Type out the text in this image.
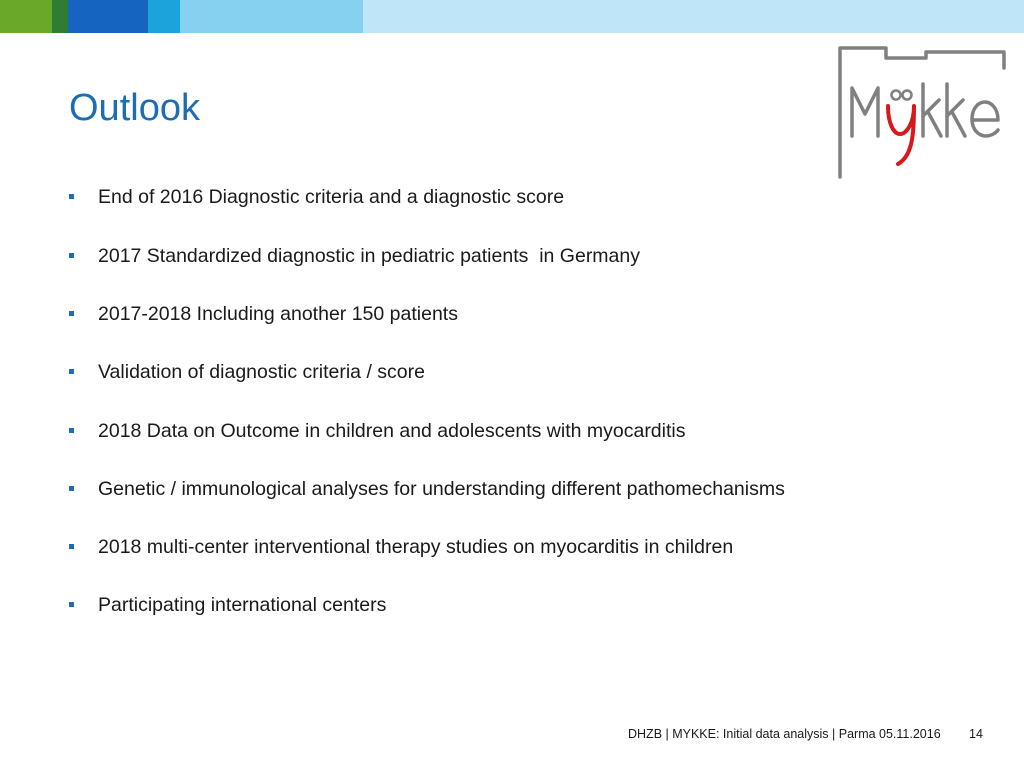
Outlook
End of 2016 Diagnostic criteria and a diagnostic score
2017 Standardized diagnostic in pediatric patients  in Germany
2017-2018 Including another 150 patients
Validation of diagnostic criteria / score
2018 Data on Outcome in children and adolescents with myocarditis
Genetic / immunological analyses for understanding different pathomechanisms
2018 multi-center interventional therapy studies on myocarditis in children
Participating international centers
DHZB | MYKKE: Initial data analysis | Parma 05.11.2016 14
